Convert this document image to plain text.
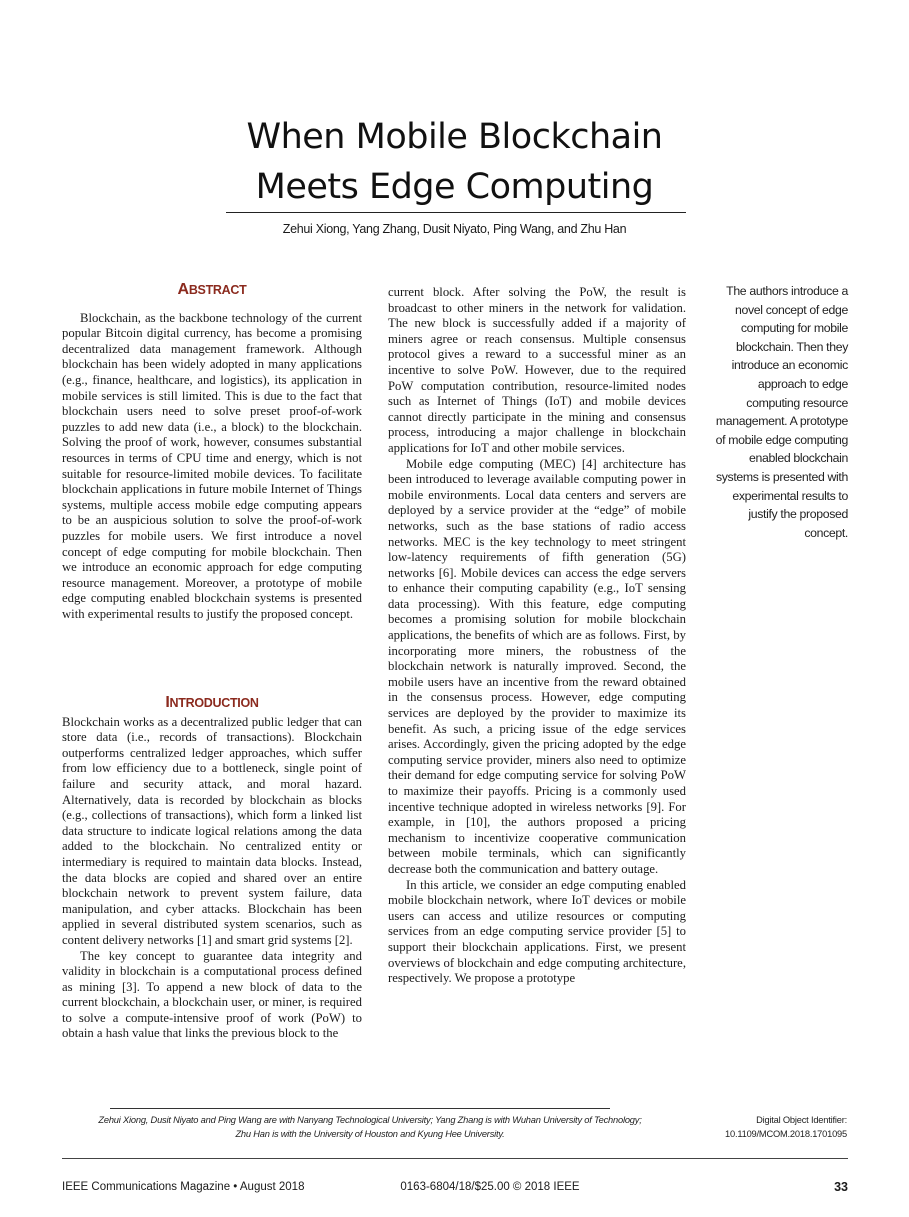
When Mobile Blockchain
Meets Edge Computing
Zehui Xiong, Yang Zhang, Dusit Niyato, Ping Wang, and Zhu Han
ABSTRACT

Blockchain, as the backbone technology of the current popular Bitcoin digital currency, has become a promising decentralized data management framework. Although blockchain has been widely adopted in many applications (e.g., finance, healthcare, and logistics), its application in mobile services is still limited. This is due to the fact that blockchain users need to solve preset proof-of-work puzzles to add new data (i.e., a block) to the blockchain. Solving the proof of work, however, consumes substantial resources in terms of CPU time and energy, which is not suitable for resource-limited mobile devices. To facilitate blockchain applications in future mobile Internet of Things systems, multiple access mobile edge computing appears to be an auspicious solution to solve the proof-of-work puzzles for mobile users. We first introduce a novel concept of edge computing for mobile blockchain. Then we introduce an economic approach for edge computing resource management. Moreover, a prototype of mobile edge computing enabled blockchain systems is presented with experimental results to justify the proposed concept.

INTRODUCTION

Blockchain works as a decentralized public ledger that can store data (i.e., records of transactions). Blockchain outperforms centralized ledger approaches, which suffer from low efficiency due to a bottleneck, single point of failure and security attack, and moral hazard. Alternatively, data is recorded by blockchain as blocks (e.g., collections of transactions), which form a linked list data structure to indicate logical relations among the data added to the blockchain. No centralized entity or intermediary is required to maintain data blocks. Instead, the data blocks are copied and shared over an entire blockchain network to prevent system failure, data manipulation, and cyber attacks. Blockchain has been applied in several distributed system scenarios, such as content delivery networks [1] and smart grid systems [2].

The key concept to guarantee data integrity and validity in blockchain is a computational process defined as mining [3]. To append a new block of data to the current blockchain, a blockchain user, or miner, is required to solve a compute-intensive proof of work (PoW) to obtain a hash value that links the previous block to the

current block. After solving the PoW, the result is broadcast to other miners in the network for validation. The new block is successfully added if a majority of miners agree or reach consensus. Multiple consensus protocol gives a reward to a successful miner as an incentive to solve PoW. However, due to the required PoW computation contribution, resource-limited nodes such as Internet of Things (IoT) and mobile devices cannot directly participate in the mining and consensus process, introducing a major challenge in blockchain applications for IoT and other mobile services.

Mobile edge computing (MEC) [4] architecture has been introduced to leverage available computing power in mobile environments. Local data centers and servers are deployed by a service provider at the “edge” of mobile networks, such as the base stations of radio access networks. MEC is the key technology to meet stringent low-latency requirements of fifth generation (5G) networks [6]. Mobile devices can access the edge servers to enhance their computing capability (e.g., IoT sensing data processing). With this feature, edge computing becomes a promising solution for mobile blockchain applications, the benefits of which are as follows. First, by incorporating more miners, the robustness of the blockchain network is naturally improved. Second, the mobile users have an incentive from the reward obtained in the consensus process. However, edge computing services are deployed by the provider to maximize its benefit. As such, a pricing issue of the edge services arises. Accordingly, given the pricing adopted by the edge computing service provider, miners also need to optimize their demand for edge computing service for solving PoW to maximize their payoffs. Pricing is a commonly used incentive technique adopted in wireless networks [9]. For example, in [10], the authors proposed a pricing mechanism to incentivize cooperative communication between mobile terminals, which can significantly decrease both the communication and battery outage.

In this article, we consider an edge computing enabled mobile blockchain network, where IoT devices or mobile users can access and utilize resources or computing services from an edge computing service provider [5] to support their blockchain applications. First, we present overviews of blockchain and edge computing architecture, respectively. We propose a prototype

The authors introduce a novel concept of edge computing for mobile blockchain. Then they introduce an economic approach to edge computing resource management. A prototype of mobile edge computing enabled blockchain systems is presented with experimental results to justify the proposed concept.
Zehui Xiong, Dusit Niyato and Ping Wang are with Nanyang Technological University; Yang Zhang is with Wuhan University of Technology;
Zhu Han is with the University of Houston and Kyung Hee University.
Digital Object Identifier:
10.1109/MCOM.2018.1701095
IEEE Communications Magazine • August 2018	0163-6804/18/$25.00 © 2018 IEEE	33
